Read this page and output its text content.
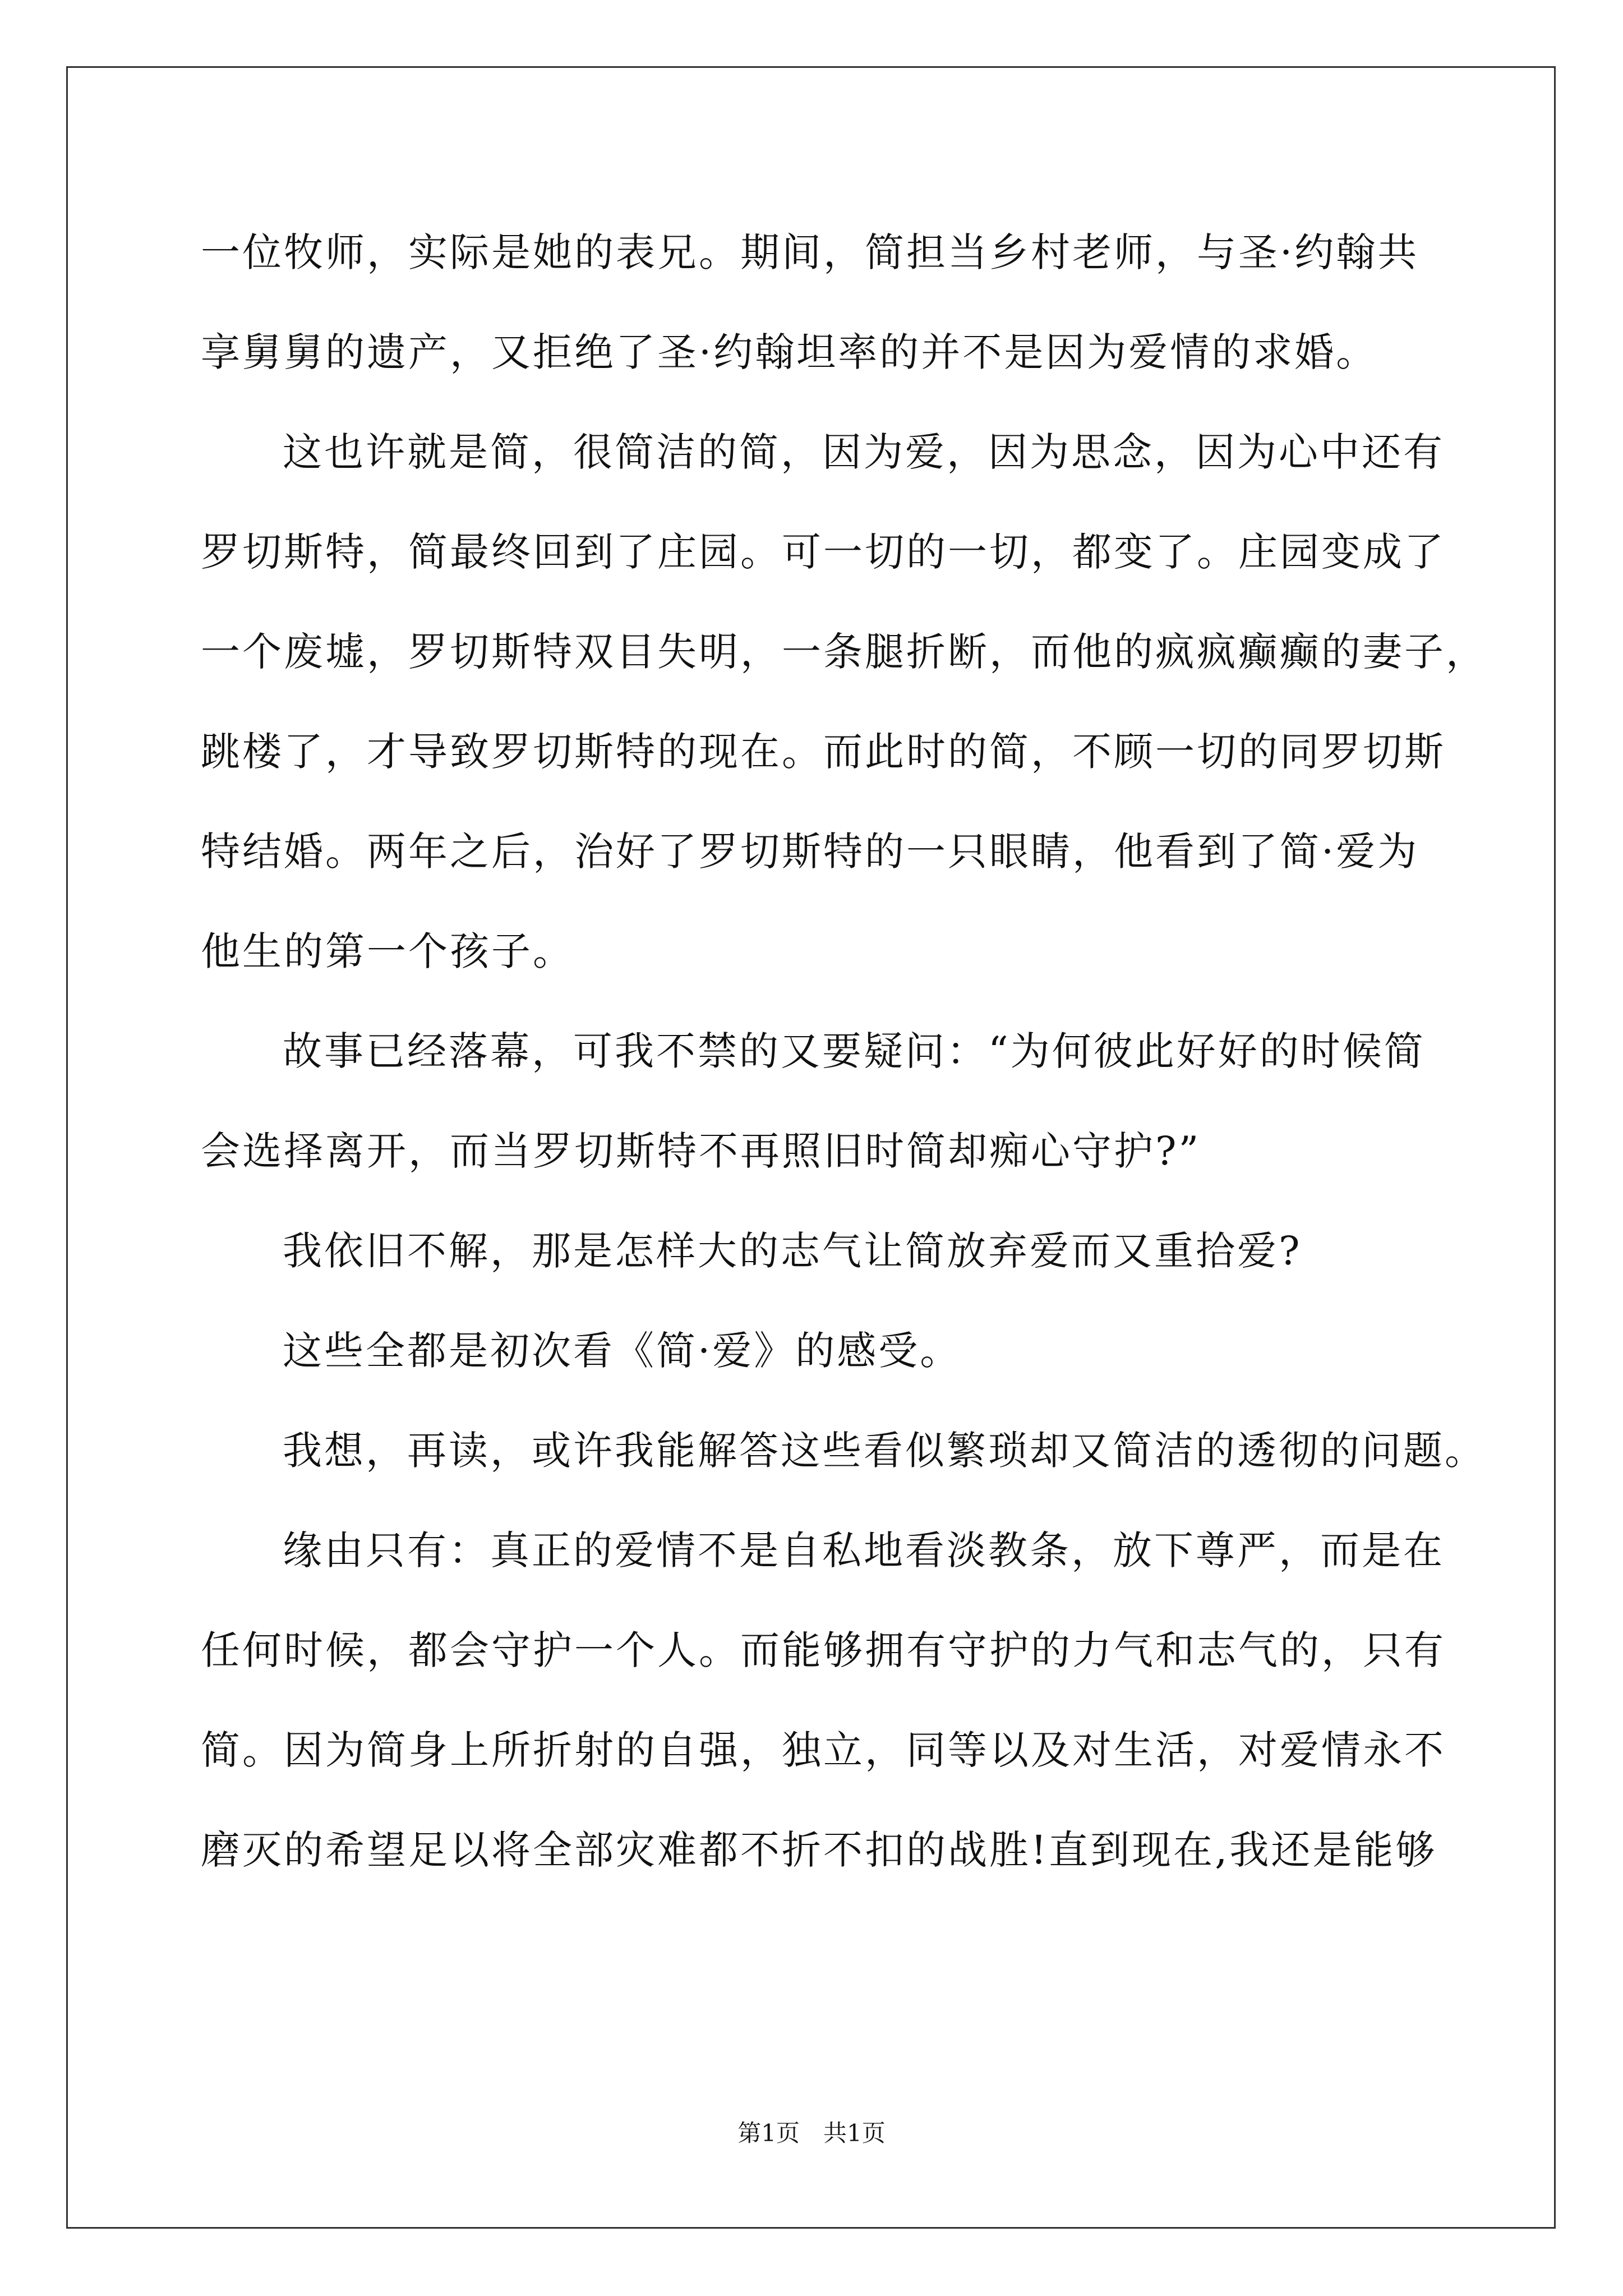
一位牧师，实际是她的表兄。期间，简担当乡村老师，与圣·约翰共
享舅舅的遗产，又拒绝了圣·约翰坦率的并不是因为爱情的求婚。
这也许就是简，很简洁的简，因为爱，因为思念，因为心中还有
罗切斯特，简最终回到了庄园。可一切的一切，都变了。庄园变成了
一个废墟，罗切斯特双目失明，一条腿折断，而他的疯疯癫癫的妻子，
跳楼了，才导致罗切斯特的现在。而此时的简，不顾一切的同罗切斯
特结婚。两年之后，治好了罗切斯特的一只眼睛，他看到了简·爱为
他生的第一个孩子。
故事已经落幕，可我不禁的又要疑问：“为何彼此好好的时候简
会选择离开，而当罗切斯特不再照旧时简却痴心守护?”
我依旧不解，那是怎样大的志气让简放弃爱而又重拾爱?
这些全都是初次看《简·爱》的感受。
我想，再读，或许我能解答这些看似繁琐却又简洁的透彻的问题。
缘由只有：真正的爱情不是自私地看淡教条，放下尊严，而是在
任何时候，都会守护一个人。而能够拥有守护的力气和志气的，只有
简。因为简身上所折射的自强，独立，同等以及对生活，对爱情永不
磨灭的希望足以将全部灾难都不折不扣的战胜!直到现在,我还是能够
第1页　共1页
